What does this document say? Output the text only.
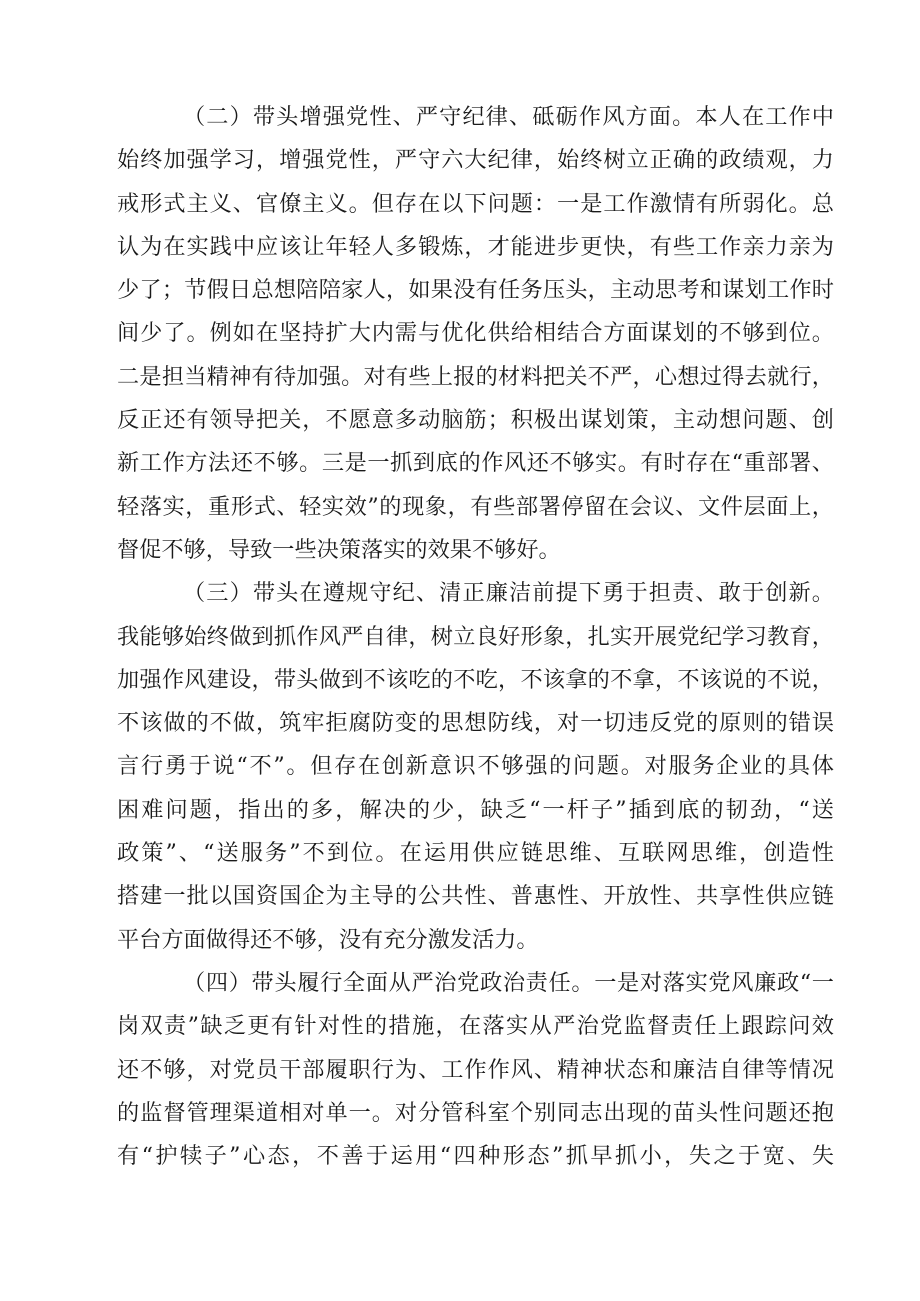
（二）带头增强党性、严守纪律、砥砺作风方面。本人在工作中
始终加强学习，增强党性，严守六大纪律，始终树立正确的政绩观，力
戒形式主义、官僚主义。但存在以下问题：一是工作激情有所弱化。总
认为在实践中应该让年轻人多锻炼，才能进步更快，有些工作亲力亲为
少了；节假日总想陪陪家人，如果没有任务压头，主动思考和谋划工作时
间少了。例如在坚持扩大内需与优化供给相结合方面谋划的不够到位。
二是担当精神有待加强。对有些上报的材料把关不严，心想过得去就行，
反正还有领导把关，不愿意多动脑筋；积极出谋划策，主动想问题、创
新工作方法还不够。三是一抓到底的作风还不够实。有时存在“重部署、
轻落实，重形式、轻实效”的现象，有些部署停留在会议、文件层面上，
督促不够，导致一些决策落实的效果不够好。
（三）带头在遵规守纪、清正廉洁前提下勇于担责、敢于创新。
我能够始终做到抓作风严自律，树立良好形象，扎实开展党纪学习教育，
加强作风建设，带头做到不该吃的不吃，不该拿的不拿，不该说的不说，
不该做的不做，筑牢拒腐防变的思想防线，对一切违反党的原则的错误
言行勇于说“不”。但存在创新意识不够强的问题。对服务企业的具体
困难问题，指出的多，解决的少，缺乏“一杆子”插到底的韧劲，“送
政策”、“送服务”不到位。在运用供应链思维、互联网思维，创造性
搭建一批以国资国企为主导的公共性、普惠性、开放性、共享性供应链
平台方面做得还不够，没有充分激发活力。
（四）带头履行全面从严治党政治责任。一是对落实党风廉政“一
岗双责”缺乏更有针对性的措施，在落实从严治党监督责任上跟踪问效
还不够，对党员干部履职行为、工作作风、精神状态和廉洁自律等情况
的监督管理渠道相对单一。对分管科室个别同志出现的苗头性问题还抱
有“护犊子”心态，不善于运用“四种形态”抓早抓小，失之于宽、失
